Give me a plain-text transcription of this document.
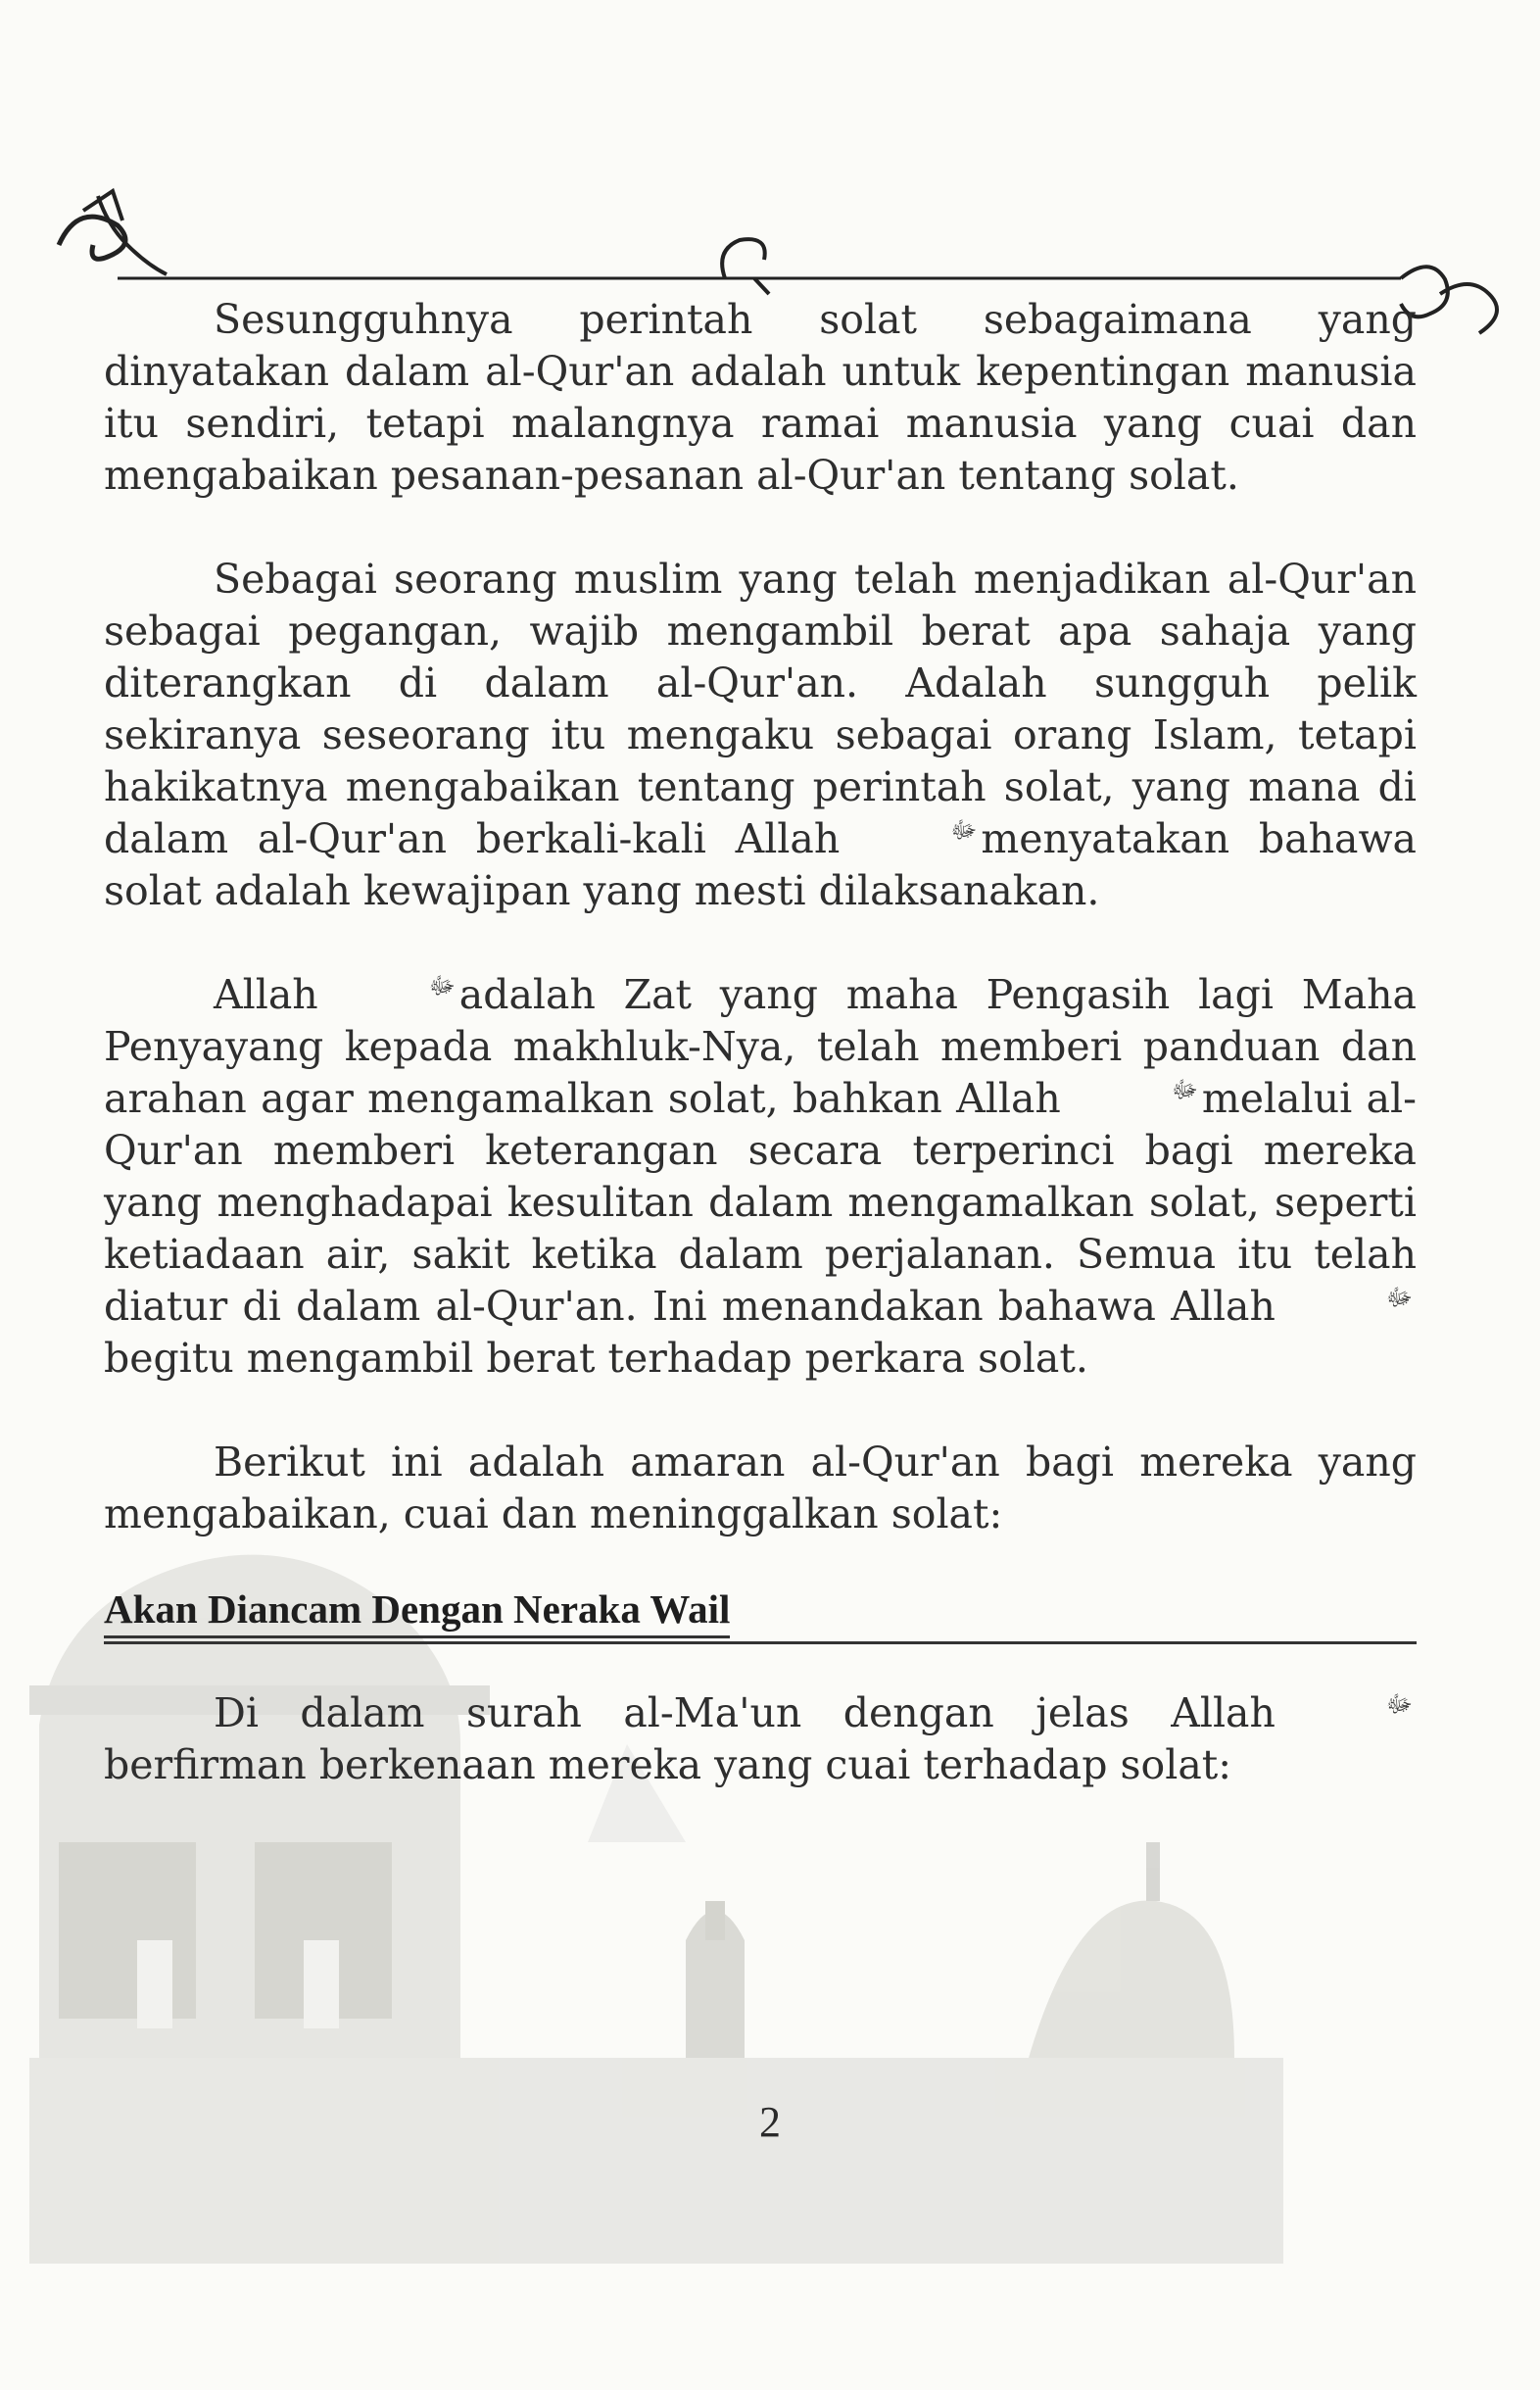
Sesungguhnya perintah solat sebagaimana yang dinyatakan dalam al-Qur'an adalah untuk kepentingan manusia itu sendiri, tetapi malangnya ramai manusia yang cuai dan mengabaikan pesanan-pesanan al-Qur'an tentang solat.

Sebagai seorang muslim yang telah menjadikan al-Qur'an sebagai pegangan, wajib mengambil berat apa sahaja yang diterangkan di dalam al-Qur'an. Adalah sungguh pelik sekiranya seseorang itu mengaku sebagai orang Islam, tetapi hakikatnya mengabaikan tentang perintah solat, yang mana di dalam al-Qur'an berkali-kali Allah	ﷻmenyatakan bahawa solat adalah kewajipan yang mesti dilaksanakan.

Allah	ﷻadalah Zat yang maha Pengasih lagi Maha Penyayang kepada makhluk-Nya, telah memberi panduan dan arahan agar mengamalkan solat, bahkan Allah	ﷻmelalui al-Qur'an memberi keterangan secara terperinci bagi mereka yang menghadapai kesulitan dalam mengamalkan solat, seperti ketiadaan air, sakit ketika dalam perjalanan. Semua itu telah diatur di dalam al-Qur'an. Ini menandakan bahawa Allah	ﷻbegitu mengambil berat terhadap perkara solat.

Berikut ini adalah amaran al-Qur'an bagi mereka yang mengabaikan, cuai dan meninggalkan solat:

Akan Diancam Dengan Neraka Wail

Di dalam surah al-Ma'un dengan jelas Allah	ﷻberfirman berkenaan mereka yang cuai terhadap solat:

2
